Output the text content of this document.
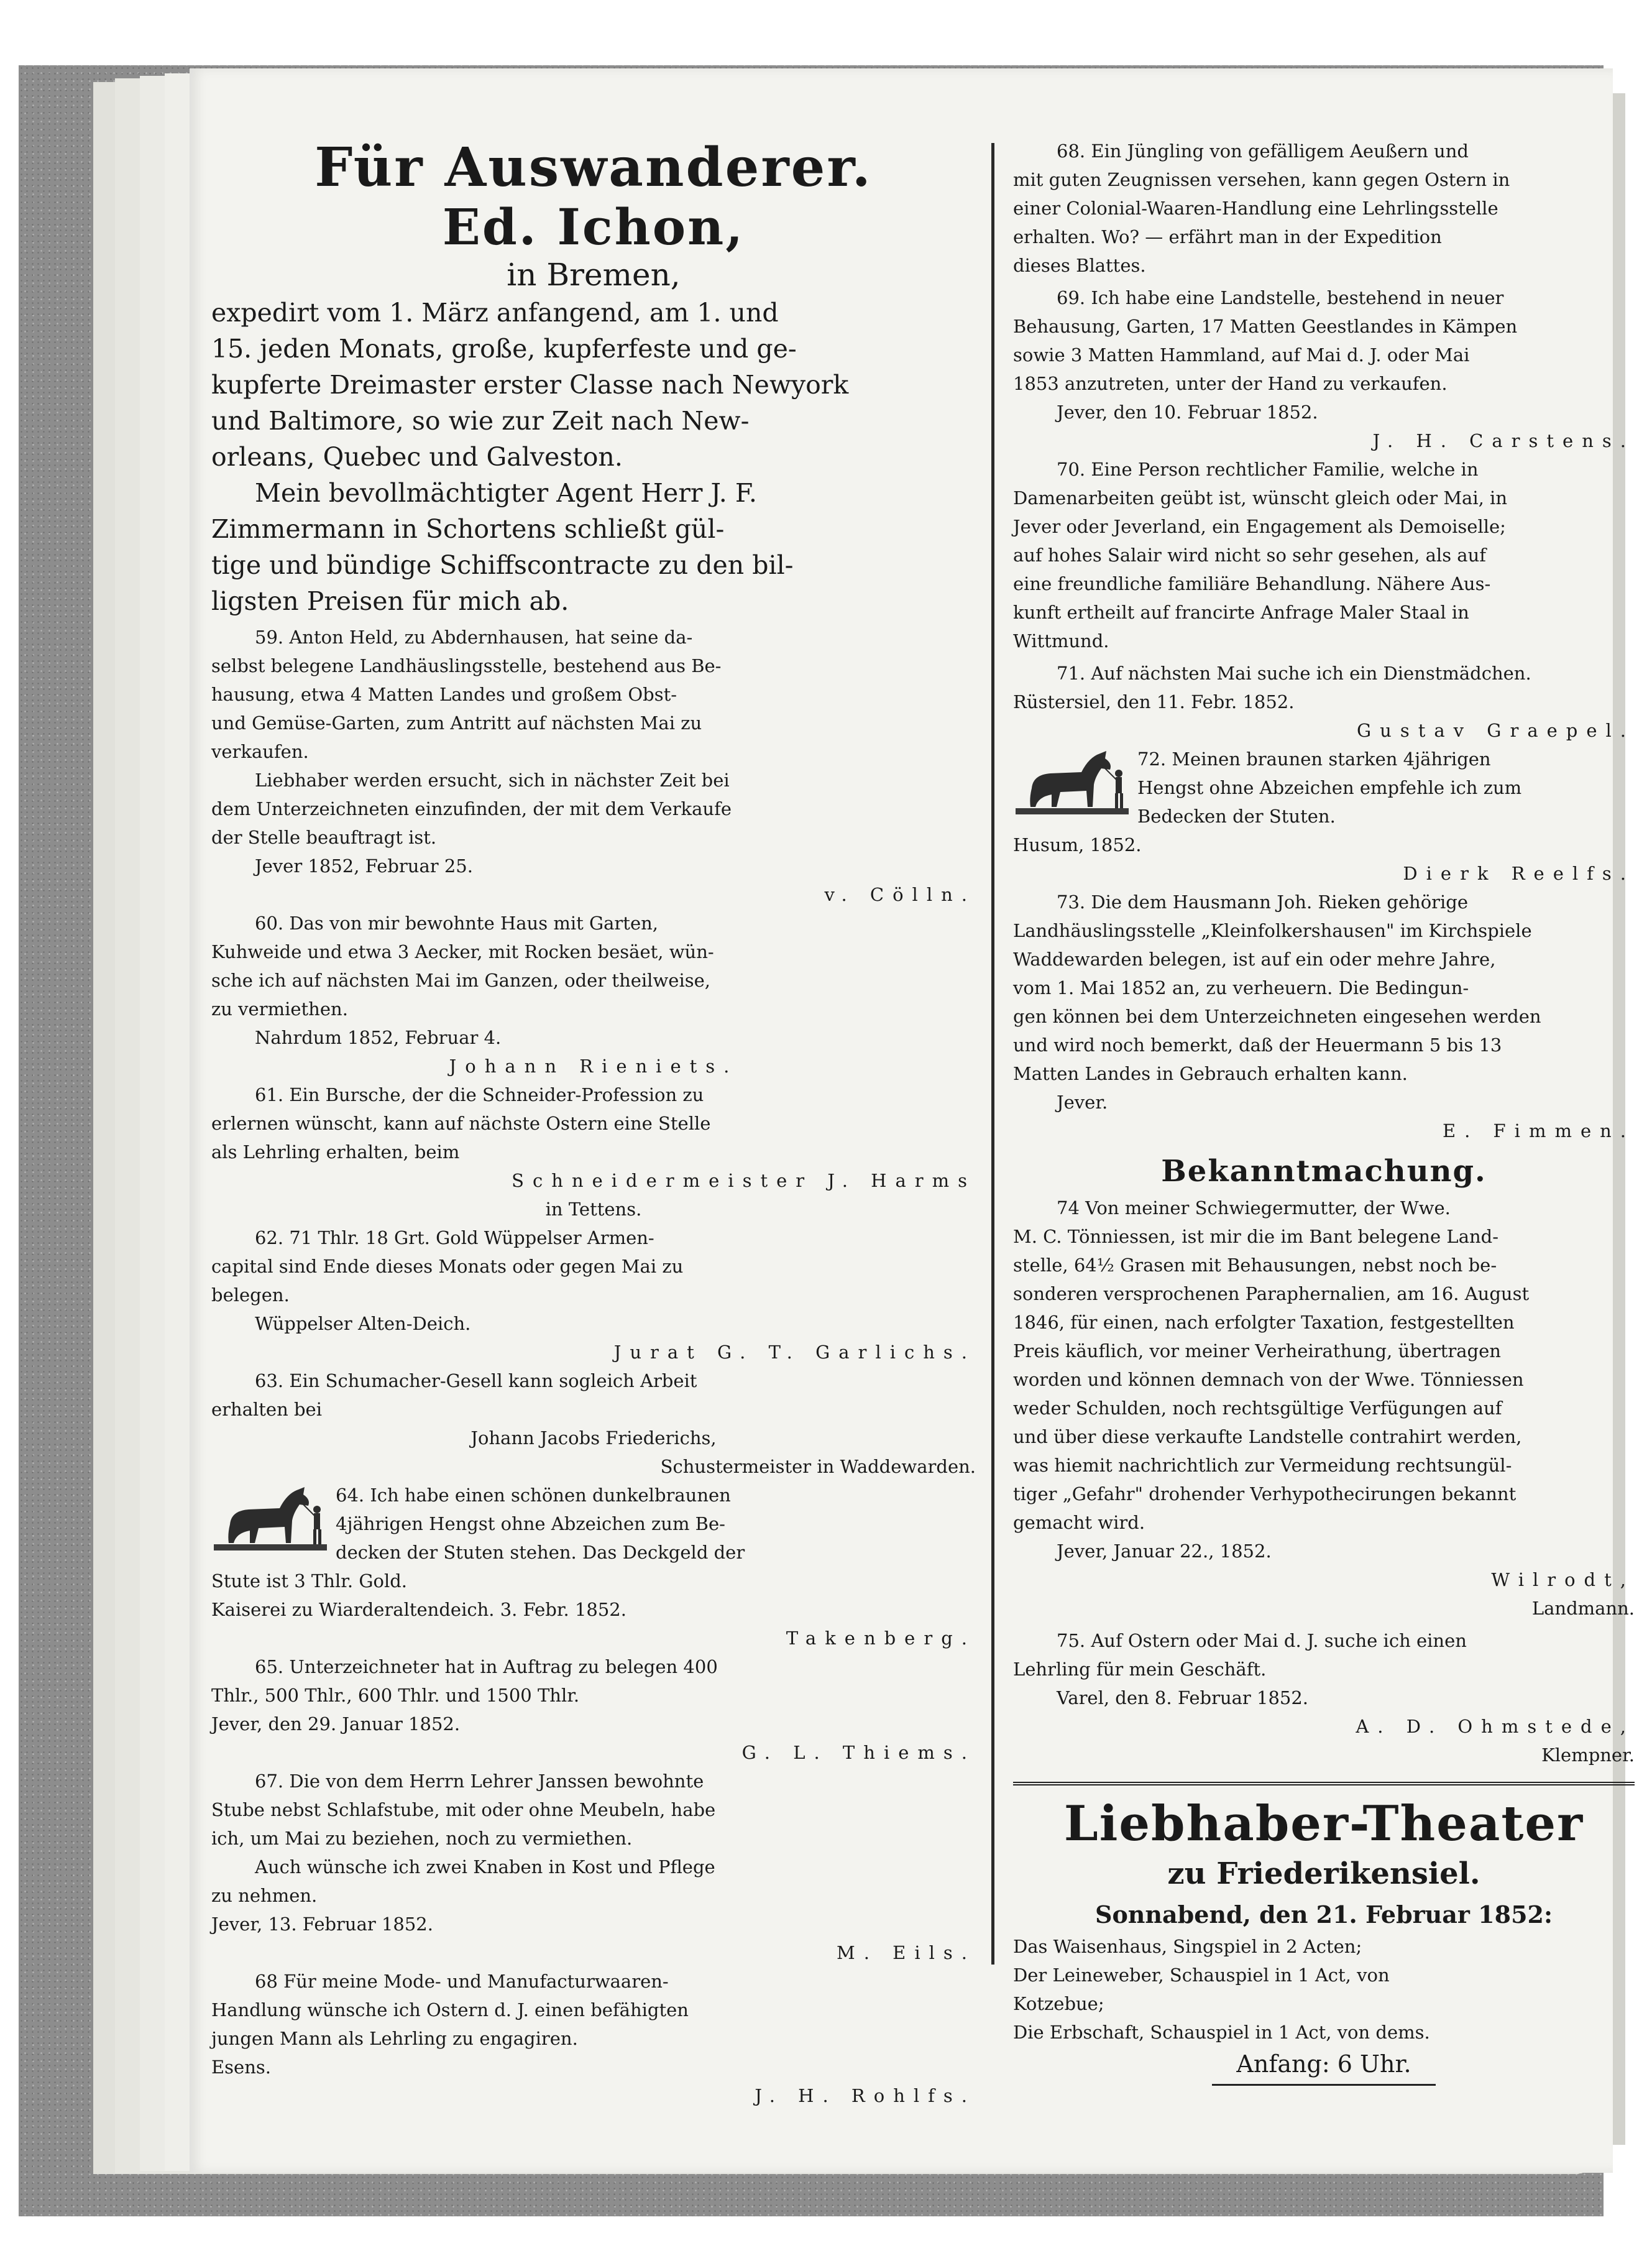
Für Auswanderer.

Ed. Ichon,

in Bremen,

expedirt vom 1. März anfangend, am 1. und

15. jeden Monats, große, kupferfeste und ge-

kupferte Dreimaster erster Classe nach Newyork

und Baltimore, so wie zur Zeit nach New-

orleans, Quebec und Galveston.

Mein bevollmächtigter Agent Herr J. F.

Zimmermann in Schortens schließt gül-

tige und bündige Schiffscontracte zu den bil-

ligsten Preisen für mich ab.

59. Anton Held, zu Abdernhausen, hat seine da-

selbst belegene Landhäuslingsstelle, bestehend aus Be-

hausung, etwa 4 Matten Landes und großem Obst-

und Gemüse-Garten, zum Antritt auf nächsten Mai zu

verkaufen.

Liebhaber werden ersucht, sich in nächster Zeit bei

dem Unterzeichneten einzufinden, der mit dem Verkaufe

der Stelle beauftragt ist.

Jever 1852, Februar 25.

v. Cölln.

60. Das von mir bewohnte Haus mit Garten,

Kuhweide und etwa 3 Aecker, mit Rocken besäet, wün-

sche ich auf nächsten Mai im Ganzen, oder theilweise,

zu vermiethen.

Nahrdum 1852, Februar 4.

Johann Rieniets.

61. Ein Bursche, der die Schneider-Profession zu

erlernen wünscht, kann auf nächste Ostern eine Stelle

als Lehrling erhalten, beim

Schneidermeister J. Harms

in Tettens.

62. 71 Thlr. 18 Grt. Gold Wüppelser Armen-

capital sind Ende dieses Monats oder gegen Mai zu

belegen.

Wüppelser Alten-Deich.

Jurat G. T. Garlichs.

63. Ein Schumacher-Gesell kann sogleich Arbeit

erhalten bei

Johann Jacobs Friederichs,

Schustermeister in Waddewarden.

64. Ich habe einen schönen dunkelbraunen

4jährigen Hengst ohne Abzeichen zum Be-

decken der Stuten stehen. Das Deckgeld der

Stute ist 3 Thlr. Gold.

Kaiserei zu Wiarderaltendeich. 3. Febr. 1852.

Takenberg.

65. Unterzeichneter hat in Auftrag zu belegen 400

Thlr., 500 Thlr., 600 Thlr. und 1500 Thlr.

Jever, den 29. Januar 1852.

G. L. Thiems.

67. Die von dem Herrn Lehrer Janssen bewohnte

Stube nebst Schlafstube, mit oder ohne Meubeln, habe

ich, um Mai zu beziehen, noch zu vermiethen.

Auch wünsche ich zwei Knaben in Kost und Pflege

zu nehmen.

Jever, 13. Februar 1852.

M. Eils.

68 Für meine Mode- und Manufacturwaaren-

Handlung wünsche ich Ostern d. J. einen befähigten

jungen Mann als Lehrling zu engagiren.

Esens.

J. H. Rohlfs.

68. Ein Jüngling von gefälligem Aeußern und

mit guten Zeugnissen versehen, kann gegen Ostern in

einer Colonial-Waaren-Handlung eine Lehrlingsstelle

erhalten. Wo? — erfährt man in der Expedition

dieses Blattes.

69. Ich habe eine Landstelle, bestehend in neuer

Behausung, Garten, 17 Matten Geestlandes in Kämpen

sowie 3 Matten Hammland, auf Mai d. J. oder Mai

1853 anzutreten, unter der Hand zu verkaufen.

Jever, den 10. Februar 1852.

J. H. Carstens.

70. Eine Person rechtlicher Familie, welche in

Damenarbeiten geübt ist, wünscht gleich oder Mai, in

Jever oder Jeverland, ein Engagement als Demoiselle;

auf hohes Salair wird nicht so sehr gesehen, als auf

eine freundliche familiäre Behandlung. Nähere Aus-

kunft ertheilt auf francirte Anfrage Maler Staal in

Wittmund.

71. Auf nächsten Mai suche ich ein Dienstmädchen.

Rüstersiel, den 11. Febr. 1852.

Gustav Graepel.

72. Meinen braunen starken 4jährigen

Hengst ohne Abzeichen empfehle ich zum

Bedecken der Stuten.

Husum, 1852.

Dierk Reelfs.

73. Die dem Hausmann Joh. Rieken gehörige

Landhäuslingsstelle „Kleinfolkershausen" im Kirchspiele

Waddewarden belegen, ist auf ein oder mehre Jahre,

vom 1. Mai 1852 an, zu verheuern. Die Bedingun-

gen können bei dem Unterzeichneten eingesehen werden

und wird noch bemerkt, daß der Heuermann 5 bis 13

Matten Landes in Gebrauch erhalten kann.

Jever.

E. Fimmen.

Bekanntmachung.

74 Von meiner Schwiegermutter, der Wwe.

M. C. Tönniessen, ist mir die im Bant belegene Land-

stelle, 64½ Grasen mit Behausungen, nebst noch be-

sonderen versprochenen Paraphernalien, am 16. August

1846, für einen, nach erfolgter Taxation, festgestellten

Preis käuflich, vor meiner Verheirathung, übertragen

worden und können demnach von der Wwe. Tönniessen

weder Schulden, noch rechtsgültige Verfügungen auf

und über diese verkaufte Landstelle contrahirt werden,

was hiemit nachrichtlich zur Vermeidung rechtsungül-

tiger „Gefahr" drohender Verhypothecirungen bekannt

gemacht wird.

Jever, Januar 22., 1852.

Wilrodt,

Landmann.

75. Auf Ostern oder Mai d. J. suche ich einen

Lehrling für mein Geschäft.

Varel, den 8. Februar 1852.

A. D. Ohmstede,

Klempner.

Liebhaber-Theater

zu Friederikensiel.

Sonnabend, den 21. Februar 1852:

Das Waisenhaus, Singspiel in 2 Acten;

Der Leineweber, Schauspiel in 1 Act, von

Kotzebue;

Die Erbschaft, Schauspiel in 1 Act, von dems.

Anfang: 6 Uhr.
